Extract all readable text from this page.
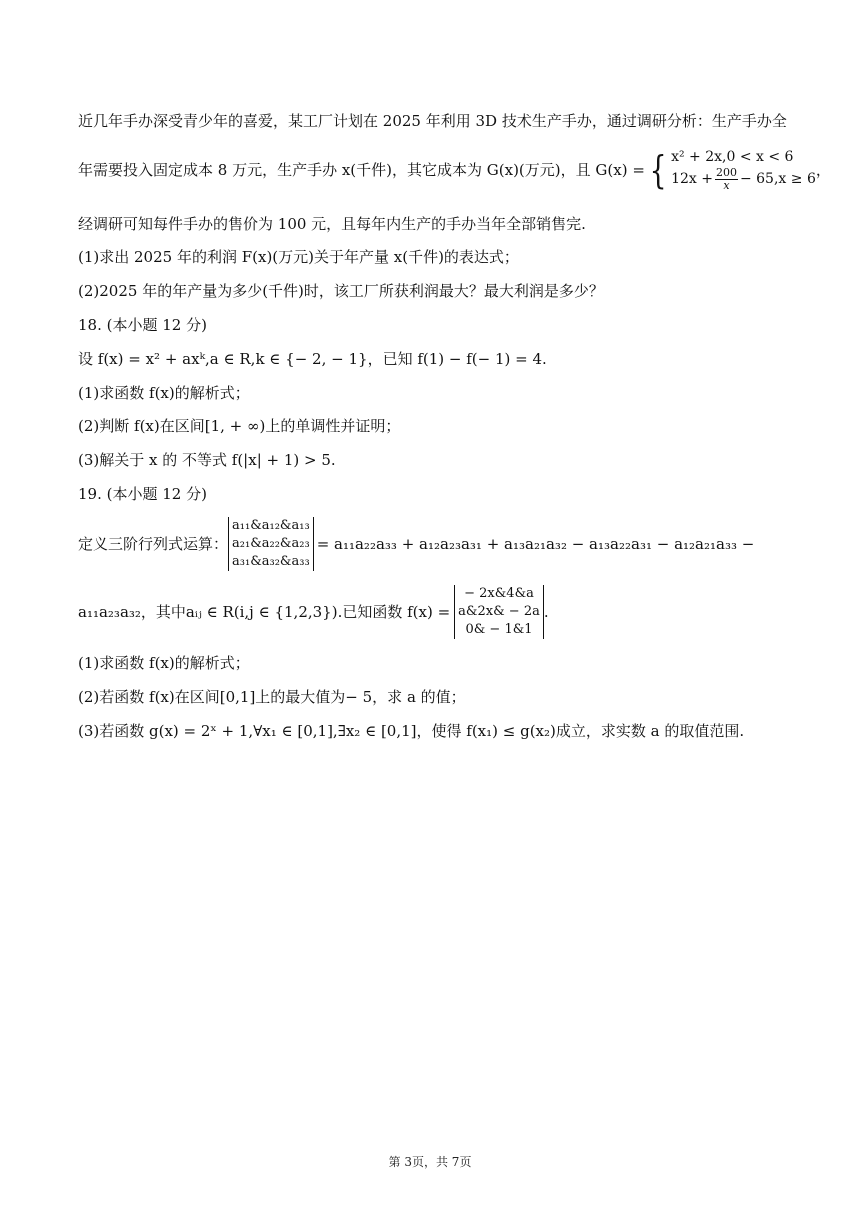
近几年手办深受青少年的喜爱，某工厂计划在 2025 年利用 3D 技术生产手办，通过调研分析：生产手办全
年需要投入固定成本 8 万元，生产手办 x(千件)，其它成本为 G(x)(万元)，且 G(x) = { x² + 2x,0 < x < 6
$12x + \frac{200}{x} - 65,x \ge 6$ ，
经调研可知每件手办的售价为 100 元，且每年内生产的手办当年全部销售完.
(1)求出 2025 年的利润 F(x)(万元)关于年产量 x(千件)的表达式；
(2)2025 年的年产量为多少(千件)时，该工厂所获利润最大？最大利润是多少？
18. (本小题 12 分)
设 f(x) = x² + axᵏ,a ∈ R,k ∈ {− 2, − 1}，已知 f(1) − f(− 1) = 4.
(1)求函数 f(x)的解析式；
(2)判断 f(x)在区间[1, + ∞)上的单调性并证明；
(3)解关于 x 的 不等式 f(|x| + 1) > 5.
19. (本小题 12 分)
定义三阶行列式运算：
a₁₁&a₁₂&a₁₃
a₂₁&a₂₂&a₂₃
a₃₁&a₃₂&a₃₃
= a₁₁a₂₂a₃₃ + a₁₂a₂₃a₃₁ + a₁₃a₂₁a₃₂ − a₁₃a₂₂a₃₁ − a₁₂a₂₁a₃₃ −
a₁₁a₂₃a₃₂，其中aᵢⱼ ∈ R(i,j ∈ {1,2,3}).已知函数 f(x) =
− 2x&4&a
a&2x& − 2a
0& − 1&1
.
(1)求函数 f(x)的解析式；
(2)若函数 f(x)在区间[0,1]上的最大值为− 5，求 a 的值；
(3)若函数 g(x) = 2ˣ + 1,∀x₁ ∈ [0,1],∃x₂ ∈ [0,1]，使得 f(x₁) ≤ g(x₂)成立，求实数 a 的取值范围.
第 3页，共 7页
